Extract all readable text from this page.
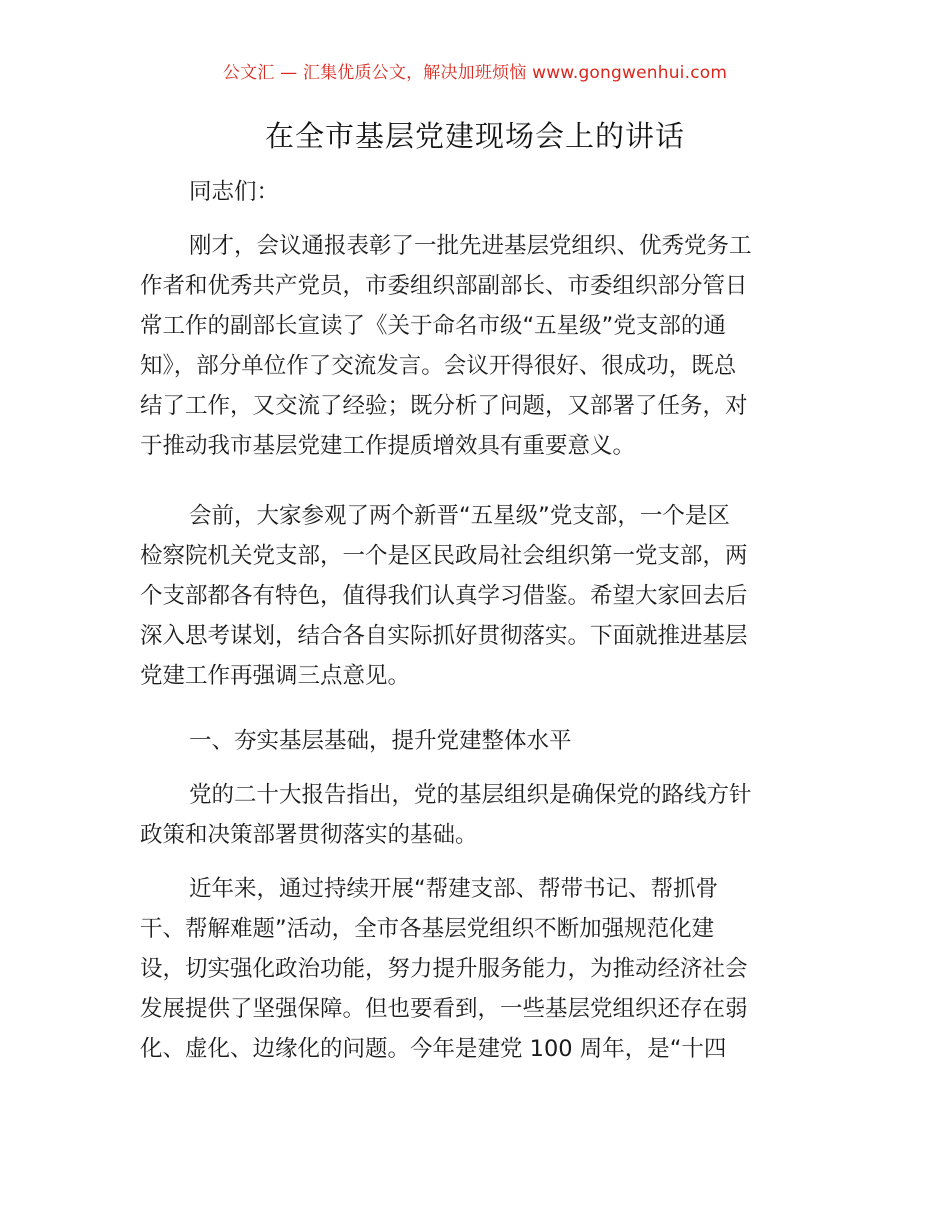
公文汇 — 汇集优质公文，解决加班烦恼 www.gongwenhui.com
在全市基层党建现场会上的讲话
同志们：
刚才，会议通报表彰了一批先进基层党组织、优秀党务工
作者和优秀共产党员，市委组织部副部长、市委组织部分管日
常工作的副部长宣读了《关于命名市级“五星级”党支部的通
知》，部分单位作了交流发言。会议开得很好、很成功，既总
结了工作，又交流了经验；既分析了问题，又部署了任务，对
于推动我市基层党建工作提质增效具有重要意义。
会前，大家参观了两个新晋“五星级”党支部，一个是区
检察院机关党支部，一个是区民政局社会组织第一党支部，两
个支部都各有特色，值得我们认真学习借鉴。希望大家回去后
深入思考谋划，结合各自实际抓好贯彻落实。下面就推进基层
党建工作再强调三点意见。
一、夯实基层基础，提升党建整体水平
党的二十大报告指出，党的基层组织是确保党的路线方针
政策和决策部署贯彻落实的基础。
近年来，通过持续开展“帮建支部、帮带书记、帮抓骨
干、帮解难题”活动，全市各基层党组织不断加强规范化建
设，切实强化政治功能，努力提升服务能力，为推动经济社会
发展提供了坚强保障。但也要看到，一些基层党组织还存在弱
化、虚化、边缘化的问题。今年是建党 100 周年，是“十四
